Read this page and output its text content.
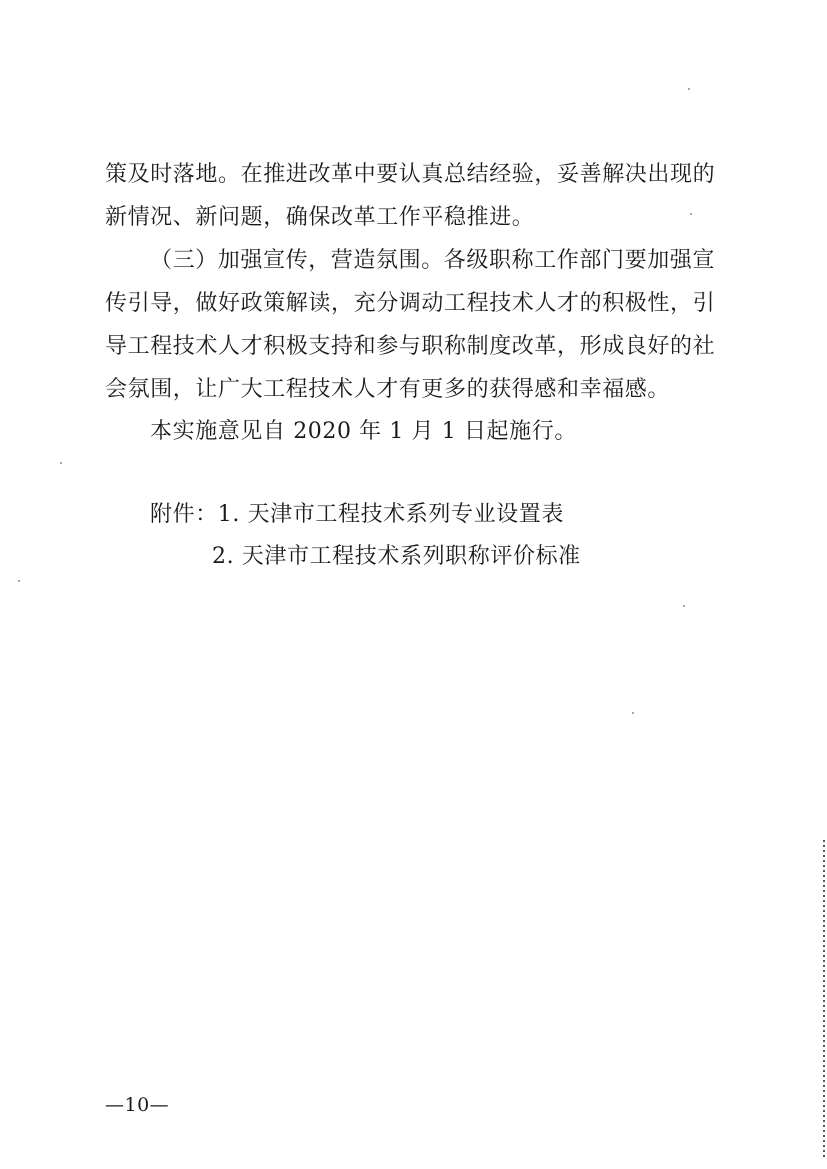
策及时落地。在推进改革中要认真总结经验，妥善解决出现的
新情况、新问题，确保改革工作平稳推进。
（三）加强宣传，营造氛围。各级职称工作部门要加强宣
传引导，做好政策解读，充分调动工程技术人才的积极性，引
导工程技术人才积极支持和参与职称制度改革，形成良好的社
会氛围，让广大工程技术人才有更多的获得感和幸福感。
本实施意见自 2020 年 1 月 1 日起施行。
附件：1. 天津市工程技术系列专业设置表
2. 天津市工程技术系列职称评价标准
—10—
